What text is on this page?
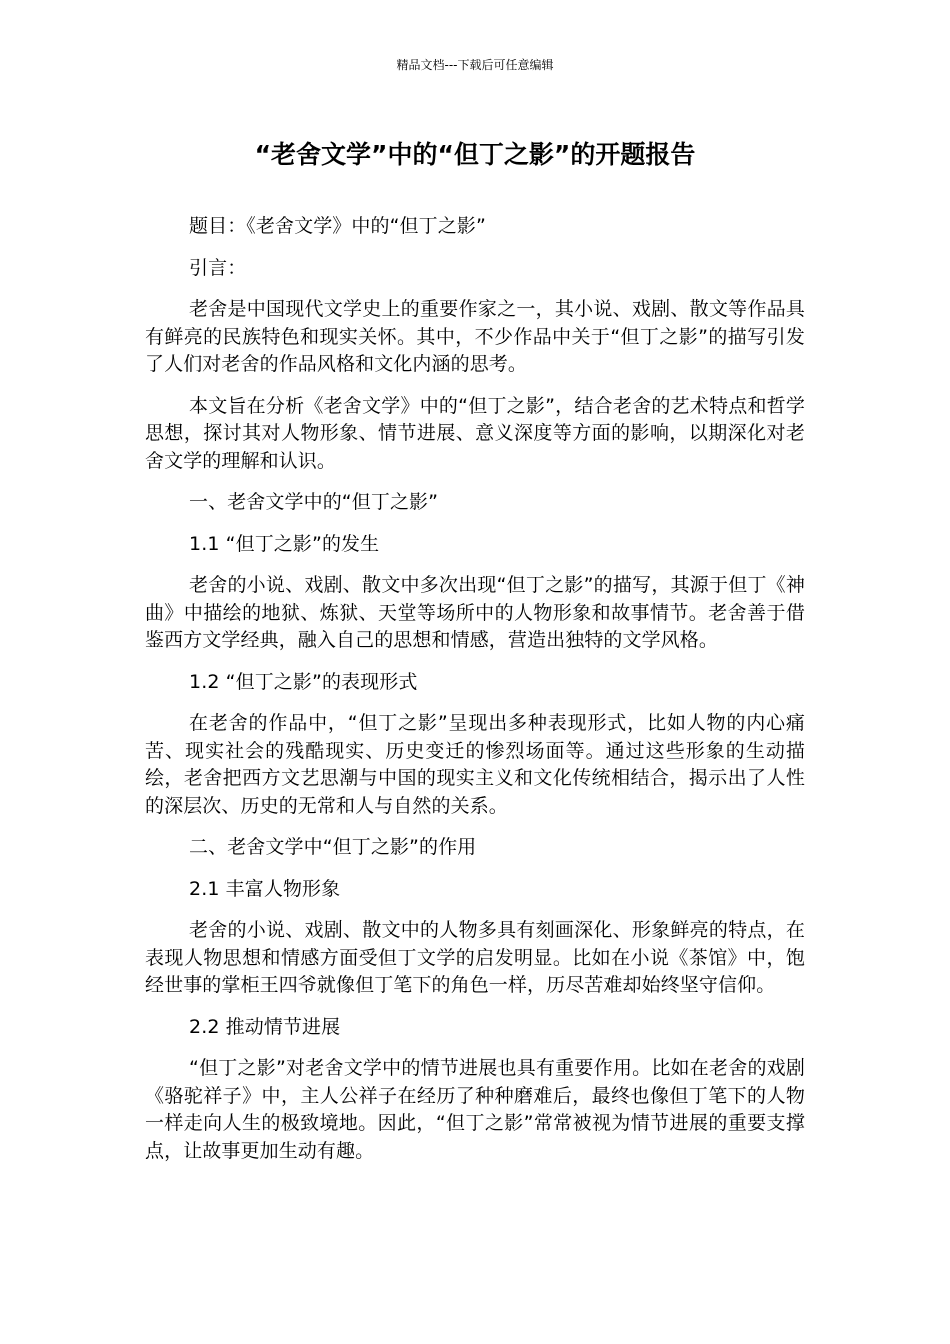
精品文档---下载后可任意编辑
“老舍文学”中的“但丁之影”的开题报告

题目：《老舍文学》中的“但丁之影”

引言：

老舍是中国现代文学史上的重要作家之一，其小说、戏剧、散文等作品具有鲜亮的民族特色和现实关怀。其中，不少作品中关于“但丁之影”的描写引发了人们对老舍的作品风格和文化内涵的思考。

本文旨在分析《老舍文学》中的“但丁之影”，结合老舍的艺术特点和哲学思想，探讨其对人物形象、情节进展、意义深度等方面的影响，以期深化对老舍文学的理解和认识。

一、老舍文学中的“但丁之影”

1.1 “但丁之影”的发生

老舍的小说、戏剧、散文中多次出现“但丁之影”的描写，其源于但丁《神曲》中描绘的地狱、炼狱、天堂等场所中的人物形象和故事情节。老舍善于借鉴西方文学经典，融入自己的思想和情感，营造出独特的文学风格。

1.2 “但丁之影”的表现形式

在老舍的作品中，“但丁之影”呈现出多种表现形式，比如人物的内心痛苦、现实社会的残酷现实、历史变迁的惨烈场面等。通过这些形象的生动描绘，老舍把西方文艺思潮与中国的现实主义和文化传统相结合，揭示出了人性的深层次、历史的无常和人与自然的关系。

二、老舍文学中“但丁之影”的作用

2.1 丰富人物形象

老舍的小说、戏剧、散文中的人物多具有刻画深化、形象鲜亮的特点，在表现人物思想和情感方面受但丁文学的启发明显。比如在小说《茶馆》中，饱经世事的掌柜王四爷就像但丁笔下的角色一样，历尽苦难却始终坚守信仰。

2.2 推动情节进展

“但丁之影”对老舍文学中的情节进展也具有重要作用。比如在老舍的戏剧《骆驼祥子》中，主人公祥子在经历了种种磨难后，最终也像但丁笔下的人物一样走向人生的极致境地。因此，“但丁之影”常常被视为情节进展的重要支撑点，让故事更加生动有趣。
